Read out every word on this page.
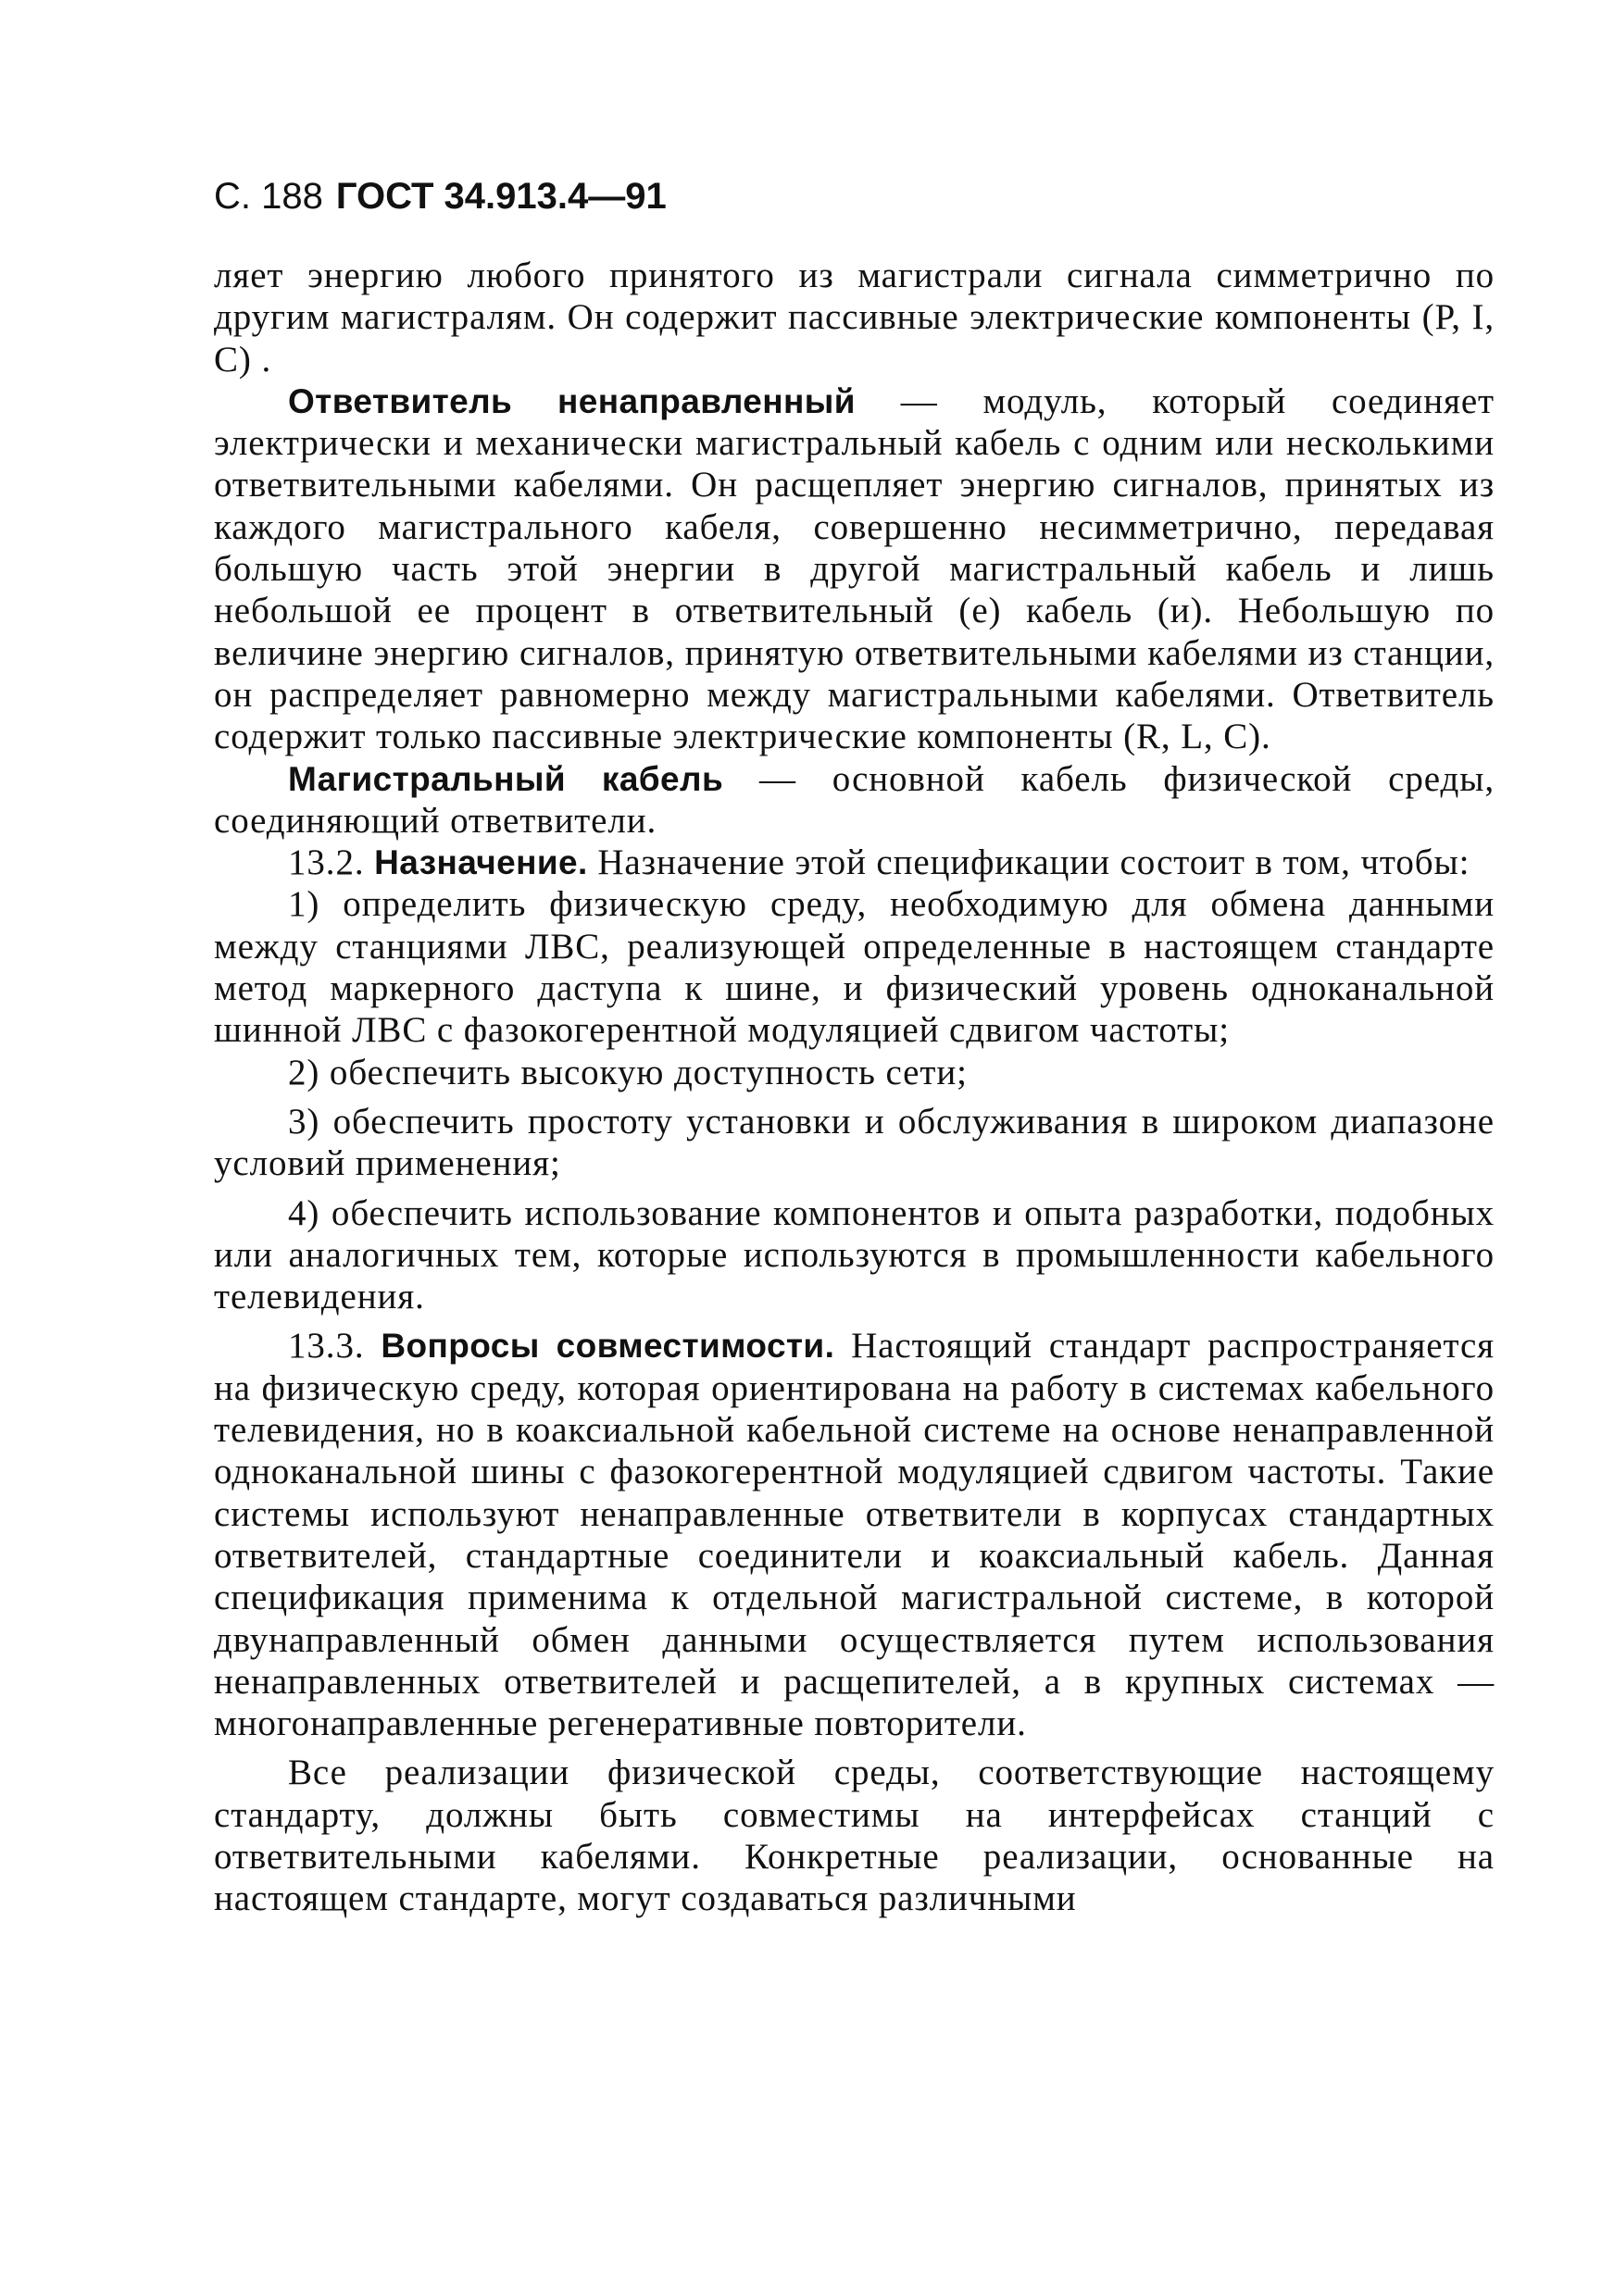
С. 188 ГОСТ 34.913.4—91

ляет энергию любого принятого из магистрали сигнала симметрично по другим магистралям. Он содержит пассивные электрические компоненты (Р, I, С) .

Ответвитель ненаправленный — модуль, который соединяет электрически и механически магистральный кабель с одним или несколькими ответвительными кабелями. Он расщепляет энергию сигналов, принятых из каждого магистрального кабеля, совершенно несимметрично, передавая большую часть этой энергии в другой магистральный кабель и лишь небольшой ее процент в ответвительный (е) кабель (и). Небольшую по величине энергию сигналов, принятую ответвительными кабелями из станции, он распределяет равномерно между магистральными кабелями. Ответвитель содержит только пассивные электрические компоненты (R, L, С).

Магистральный кабель — основной кабель физической среды, соединяющий ответвители.

13.2. Назначение. Назначение этой спецификации состоит в том, чтобы:

1) определить физическую среду, необходимую для обмена данными между станциями ЛВС, реализующей определенные в настоящем стандарте метод маркерного даступа к шине, и физический уровень одноканальной шинной ЛВС с фазокогерентной модуляцией сдвигом частоты;

2) обеспечить высокую доступность сети;

3) обеспечить простоту установки и обслуживания в широком диапазоне условий применения;

4) обеспечить использование компонентов и опыта разработки, подобных или аналогичных тем, которые используются в промышленности кабельного телевидения.

13.3. Вопросы совместимости. Настоящий стандарт распространяется на физическую среду, которая ориентирована на работу в системах кабельного телевидения, но в коаксиальной кабельной системе на основе ненаправленной одноканальной шины с фазокогерентной модуляцией сдвигом частоты. Такие системы используют ненаправленные ответвители в корпусах стандартных ответвителей, стандартные соединители и коаксиальный кабель. Данная спецификация применима к отдельной магистральной системе, в которой двунаправленный обмен данными осуществляется путем использования ненаправленных ответвителей и расщепителей, а в крупных системах — многонаправленные регенеративные повторители.

Все реализации физической среды, соответствующие настоящему стандарту, должны быть совместимы на интерфейсах станций с ответвительными кабелями. Конкретные реализации, основанные на настоящем стандарте, могут создаваться различными
